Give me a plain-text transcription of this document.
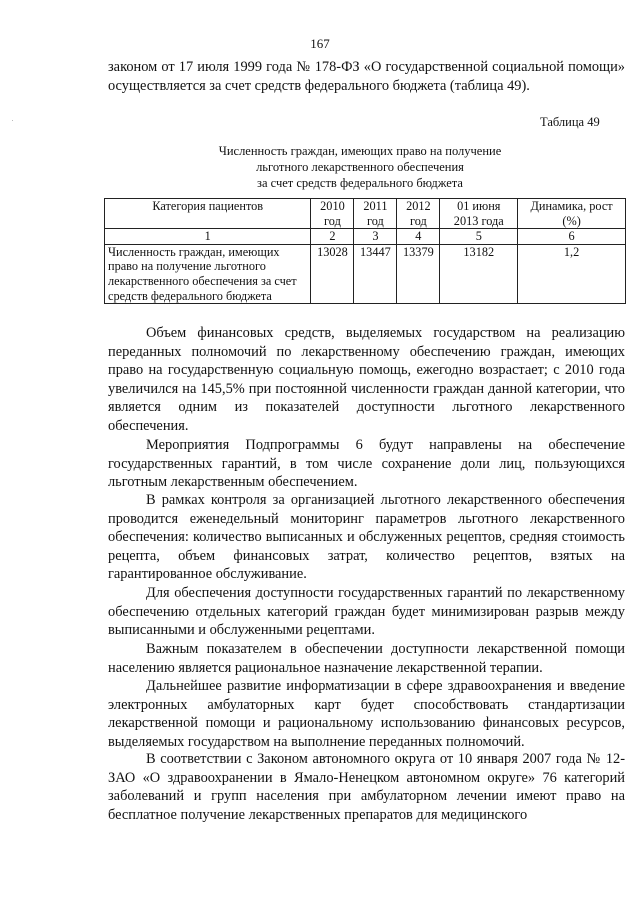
167

законом от 17 июля 1999 года № 178-ФЗ «О государственной социальной помощи» осуществляется за счет средств федерального бюджета (таблица 49).

Таблица 49
Численность граждан, имеющих право на получение
льготного лекарственного обеспечения
за счет средств федерального бюджета
Категория пациентов	2010 год	2011 год	2012 год	01 июня 2013 года	Динамика, рост (%)
1	2	3	4	5	6
Численность граждан, имеющих право на получение льготного лекарственного обеспечения за счет средств федерального бюджета	13028	13447	13379	13182	1,2

Объем финансовых средств, выделяемых государством на реализацию переданных полномочий по лекарственному обеспечению граждан, имеющих право на государственную социальную помощь, ежегодно возрастает; с 2010 года увеличился на 145,5% при постоянной численности граждан данной категории, что является одним из показателей доступности льготного лекарственного обеспечения.

Мероприятия Подпрограммы 6 будут направлены на обеспечение государственных гарантий, в том числе сохранение доли лиц, пользующихся льготным лекарственным обеспечением.

В рамках контроля за организацией льготного лекарственного обеспечения проводится еженедельный мониторинг параметров льготного лекарственного обеспечения: количество выписанных и обслуженных рецептов, средняя стоимость рецепта, объем финансовых затрат, количество рецептов, взятых на гарантированное обслуживание.

Для обеспечения доступности государственных гарантий по лекарственному обеспечению отдельных категорий граждан будет минимизирован разрыв между выписанными и обслуженными рецептами.

Важным показателем в обеспечении доступности лекарственной помощи населению является рациональное назначение лекарственной терапии.

Дальнейшее развитие информатизации в сфере здравоохранения и введение электронных амбулаторных карт будет способствовать стандартизации лекарственной помощи и рациональному использованию финансовых ресурсов, выделяемых государством на выполнение переданных полномочий.

В соответствии с Законом автономного округа от 10 января 2007 года № 12-ЗАО «О здравоохранении в Ямало-Ненецком автономном округе» 76 категорий заболеваний и групп населения при амбулаторном лечении имеют право на бесплатное получение лекарственных препаратов для медицинского
